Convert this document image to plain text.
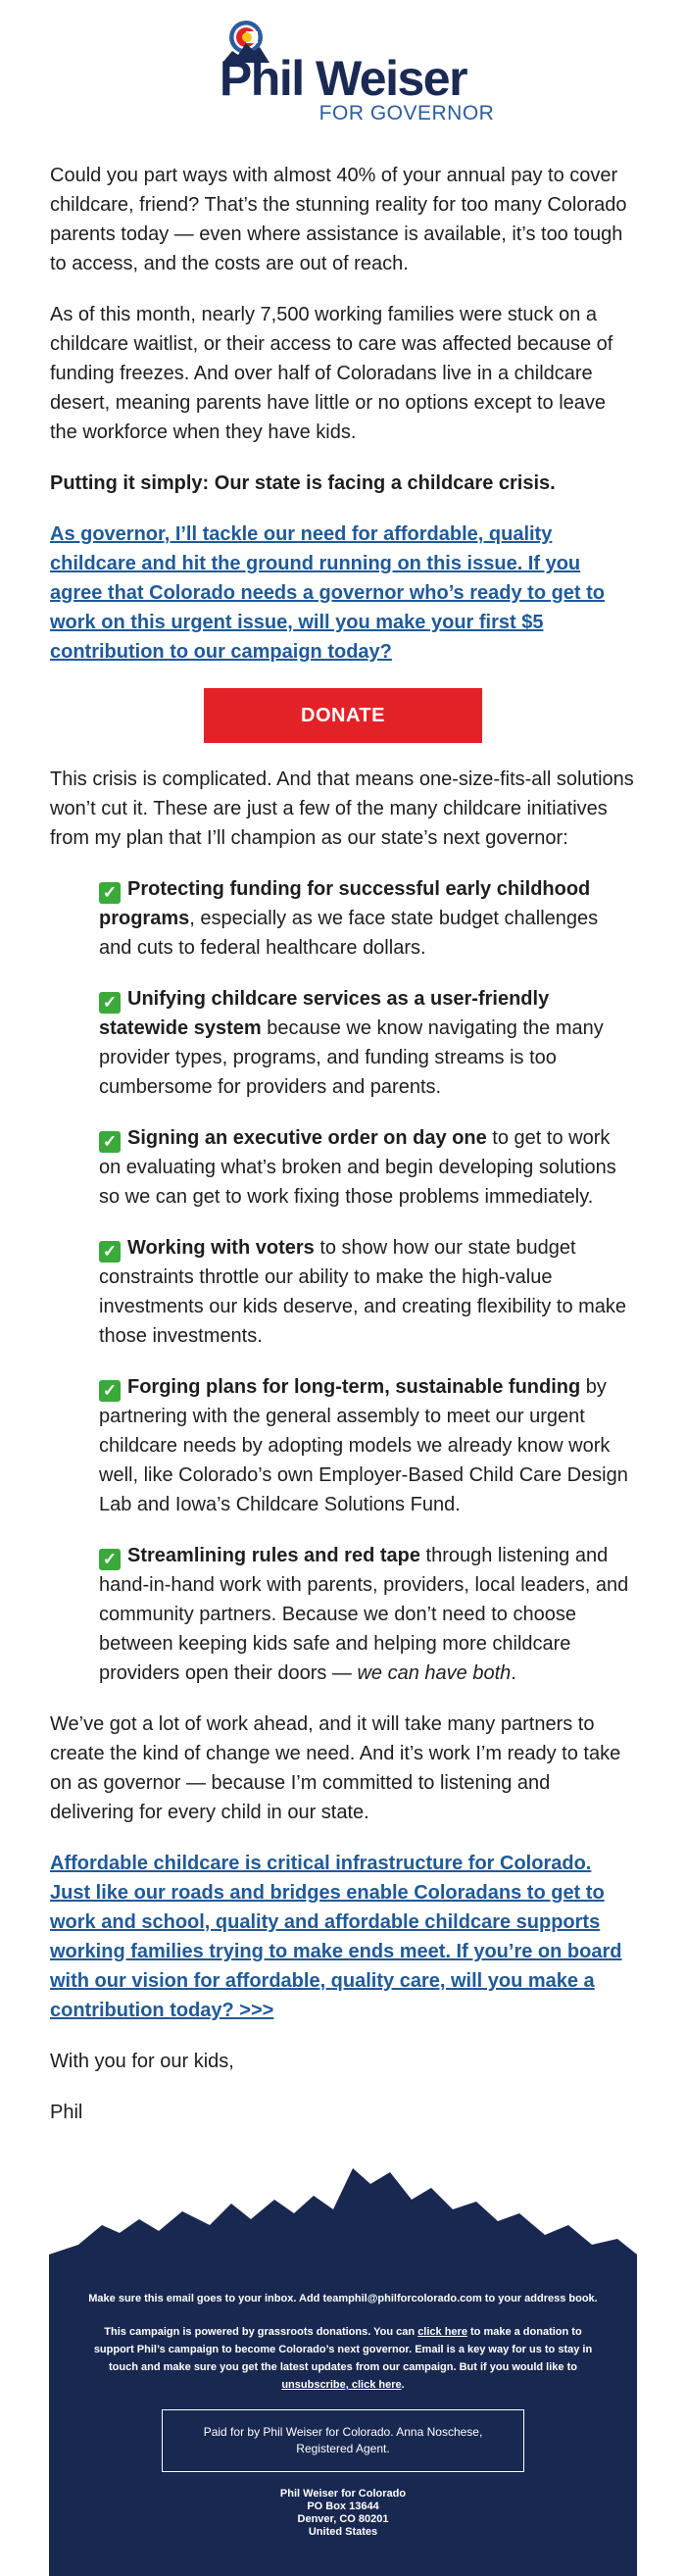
Phil Weiser
FOR GOVERNOR

Could you part ways with almost 40% of your annual pay to cover childcare, friend? That’s the stunning reality for too many Colorado parents today — even where assistance is available, it’s too tough to access, and the costs are out of reach.

As of this month, nearly 7,500 working families were stuck on a childcare waitlist, or their access to care was affected because of funding freezes. And over half of Coloradans live in a childcare desert, meaning parents have little or no options except to leave the workforce when they have kids.

Putting it simply: Our state is facing a childcare crisis.

As governor, I’ll tackle our need for affordable, quality childcare and hit the ground running on this issue. If you agree that Colorado needs a governor who’s ready to get to work on this urgent issue, will you make your first $5 contribution to our campaign today?

DONATE

This crisis is complicated. And that means one-size-fits-all solutions won’t cut it. These are just a few of the many childcare initiatives from my plan that I’ll champion as our state’s next governor:

✓ Protecting funding for successful early childhood programs, especially as we face state budget challenges and cuts to federal healthcare dollars.

✓ Unifying childcare services as a user-friendly statewide system because we know navigating the many provider types, programs, and funding streams is too cumbersome for providers and parents.

✓ Signing an executive order on day one to get to work on evaluating what’s broken and begin developing solutions so we can get to work fixing those problems immediately.

✓ Working with voters to show how our state budget constraints throttle our ability to make the high-value investments our kids deserve, and creating flexibility to make those investments.

✓ Forging plans for long-term, sustainable funding by partnering with the general assembly to meet our urgent childcare needs by adopting models we already know work well, like Colorado’s own Employer-Based Child Care Design Lab and Iowa’s Childcare Solutions Fund.

✓ Streamlining rules and red tape through listening and hand-in-hand work with parents, providers, local leaders, and community partners. Because we don’t need to choose between keeping kids safe and helping more childcare providers open their doors — we can have both.

We’ve got a lot of work ahead, and it will take many partners to create the kind of change we need. And it’s work I’m ready to take on as governor — because I’m committed to listening and delivering for every child in our state.

Affordable childcare is critical infrastructure for Colorado. Just like our roads and bridges enable Coloradans to get to work and school, quality and affordable childcare supports working families trying to make ends meet. If you’re on board with our vision for affordable, quality care, will you make a contribution today? >>>

With you for our kids,

Phil

Make sure this email goes to your inbox. Add teamphil@philforcolorado.com to your address book.

This campaign is powered by grassroots donations. You can click here to make a donation to support Phil’s campaign to become Colorado’s next governor. Email is a key way for us to stay in touch and make sure you get the latest updates from our campaign. But if you would like to unsubscribe, click here.

Paid for by Phil Weiser for Colorado. Anna Noschese, Registered Agent.
Phil Weiser for Colorado
PO Box 13644
Denver, CO 80201
United States
